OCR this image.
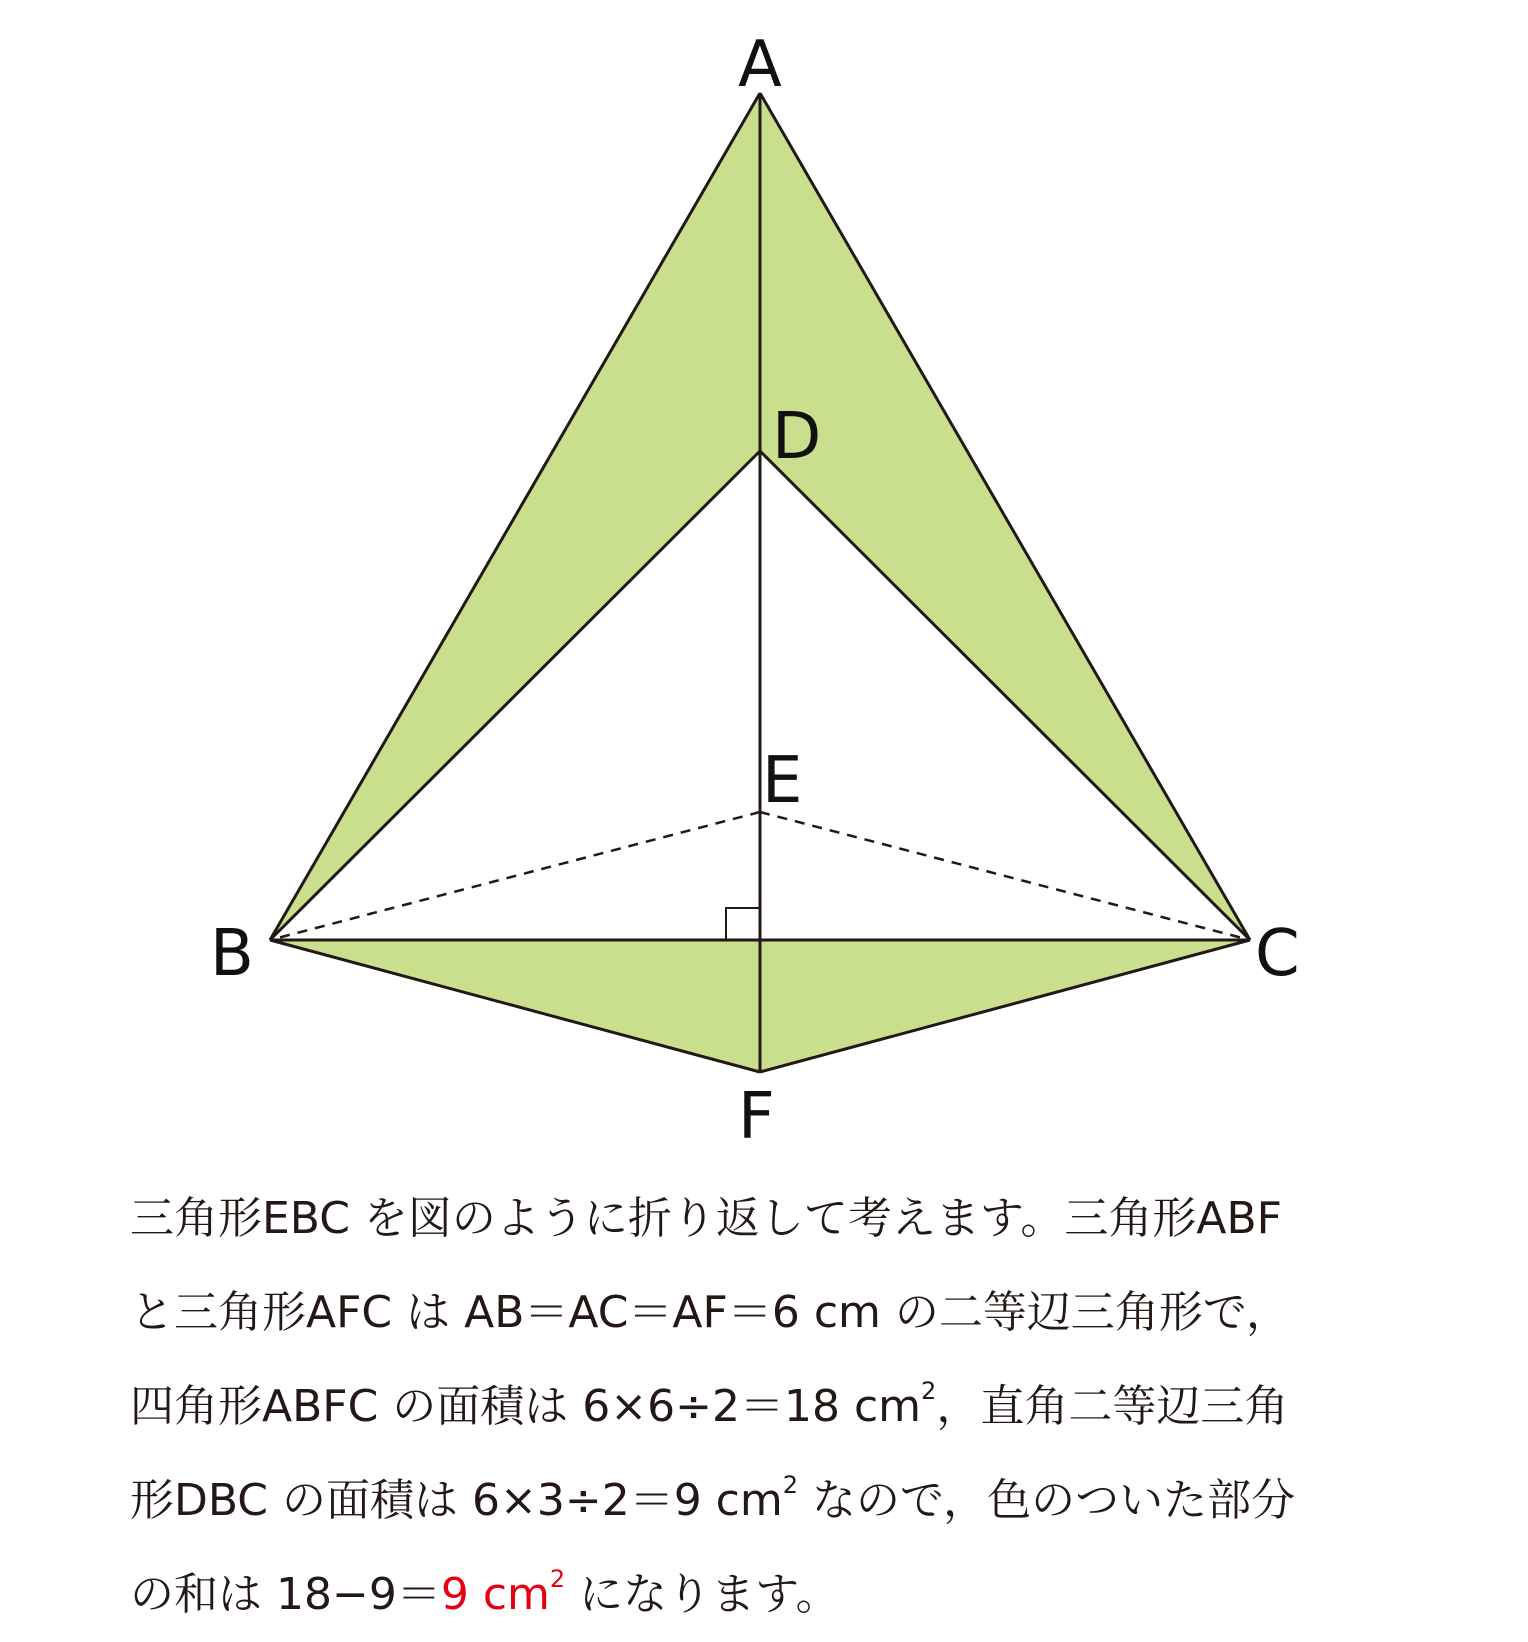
A
D
E
B	C
F
三角形EBC を図のように折り返して考えます。三角形ABF
と三角形AFC は AB＝AC＝AF＝6 cm の二等辺三角形で，
四角形ABFC の面積は 6×6÷2＝18 $cm^2$，直角二等辺三角
形DBC の面積は 6×3÷2＝9 $cm^2$ なので，色のついた部分
の和は 18−9＝9 $cm^2$ になります。
